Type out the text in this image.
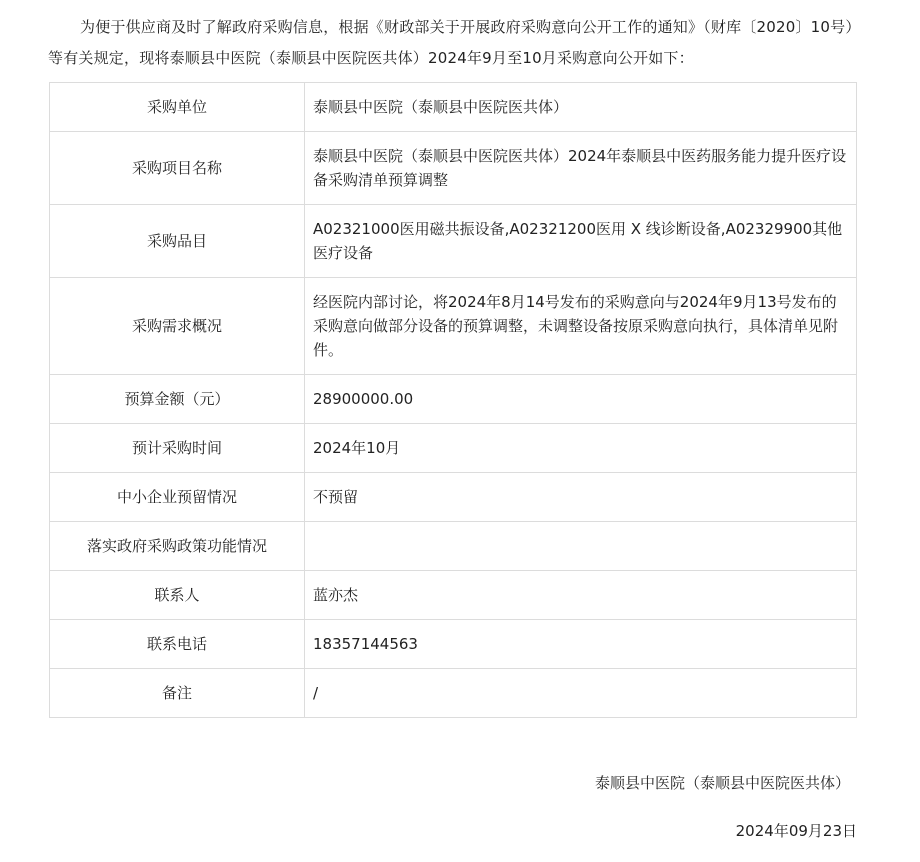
为便于供应商及时了解政府采购信息，根据《财政部关于开展政府采购意向公开工作的通知》（财库〔2020〕10号）等有关规定，现将泰顺县中医院（泰顺县中医院医共体）2024年9月至10月采购意向公开如下：

采购单位	泰顺县中医院（泰顺县中医院医共体）
采购项目名称	泰顺县中医院（泰顺县中医院医共体）2024年泰顺县中医药服务能力提升医疗设备采购清单预算调整
采购品目	A02321000医用磁共振设备,A02321200医用 X 线诊断设备,A02329900其他医疗设备
采购需求概况	经医院内部讨论，将2024年8月14号发布的采购意向与2024年9月13号发布的采购意向做部分设备的预算调整，未调整设备按原采购意向执行，具体清单见附件。
预算金额（元）	28900000.00
预计采购时间	2024年10月
中小企业预留情况	不预留
落实政府采购政策功能情况	
联系人	蓝亦杰
联系电话	18357144563
备注	/
泰顺县中医院（泰顺县中医院医共体）
2024年09月23日
